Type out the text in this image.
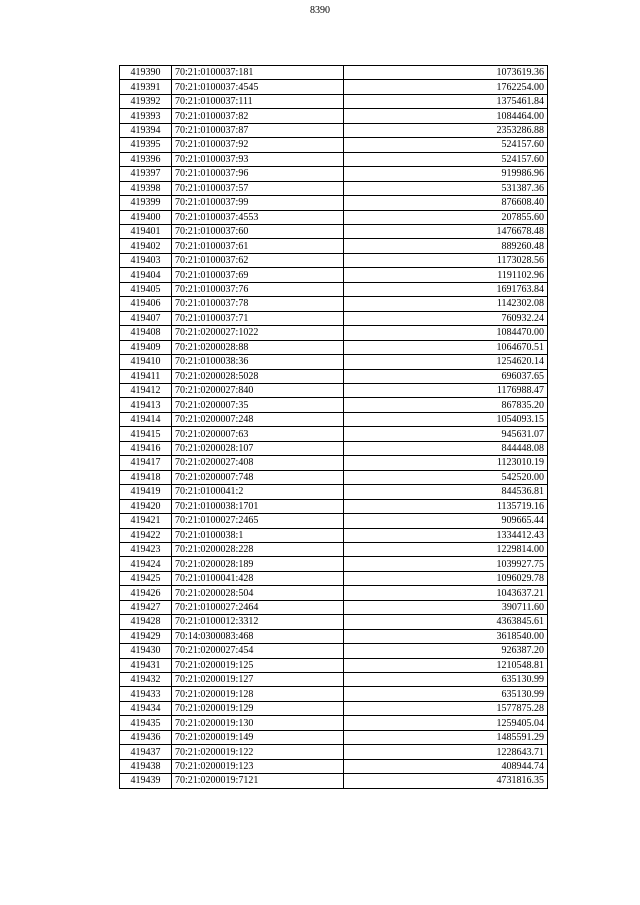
8390
419390	70:21:0100037:181	1073619.36
419391	70:21:0100037:4545	1762254.00
419392	70:21:0100037:111	1375461.84
419393	70:21:0100037:82	1084464.00
419394	70:21:0100037:87	2353286.88
419395	70:21:0100037:92	524157.60
419396	70:21:0100037:93	524157.60
419397	70:21:0100037:96	919986.96
419398	70:21:0100037:57	531387.36
419399	70:21:0100037:99	876608.40
419400	70:21:0100037:4553	207855.60
419401	70:21:0100037:60	1476678.48
419402	70:21:0100037:61	889260.48
419403	70:21:0100037:62	1173028.56
419404	70:21:0100037:69	1191102.96
419405	70:21:0100037:76	1691763.84
419406	70:21:0100037:78	1142302.08
419407	70:21:0100037:71	760932.24
419408	70:21:0200027:1022	1084470.00
419409	70:21:0200028:88	1064670.51
419410	70:21:0100038:36	1254620.14
419411	70:21:0200028:5028	696037.65
419412	70:21:0200027:840	1176988.47
419413	70:21:0200007:35	867835.20
419414	70:21:0200007:248	1054093.15
419415	70:21:0200007:63	945631.07
419416	70:21:0200028:107	844448.08
419417	70:21:0200027:408	1123010.19
419418	70:21:0200007:748	542520.00
419419	70:21:0100041:2	844536.81
419420	70:21:0100038:1701	1135719.16
419421	70:21:0100027:2465	909665.44
419422	70:21:0100038:1	1334412.43
419423	70:21:0200028:228	1229814.00
419424	70:21:0200028:189	1039927.75
419425	70:21:0100041:428	1096029.78
419426	70:21:0200028:504	1043637.21
419427	70:21:0100027:2464	390711.60
419428	70:21:0100012:3312	4363845.61
419429	70:14:0300083:468	3618540.00
419430	70:21:0200027:454	926387.20
419431	70:21:0200019:125	1210548.81
419432	70:21:0200019:127	635130.99
419433	70:21:0200019:128	635130.99
419434	70:21:0200019:129	1577875.28
419435	70:21:0200019:130	1259405.04
419436	70:21:0200019:149	1485591.29
419437	70:21:0200019:122	1228643.71
419438	70:21:0200019:123	408944.74
419439	70:21:0200019:7121	4731816.35
